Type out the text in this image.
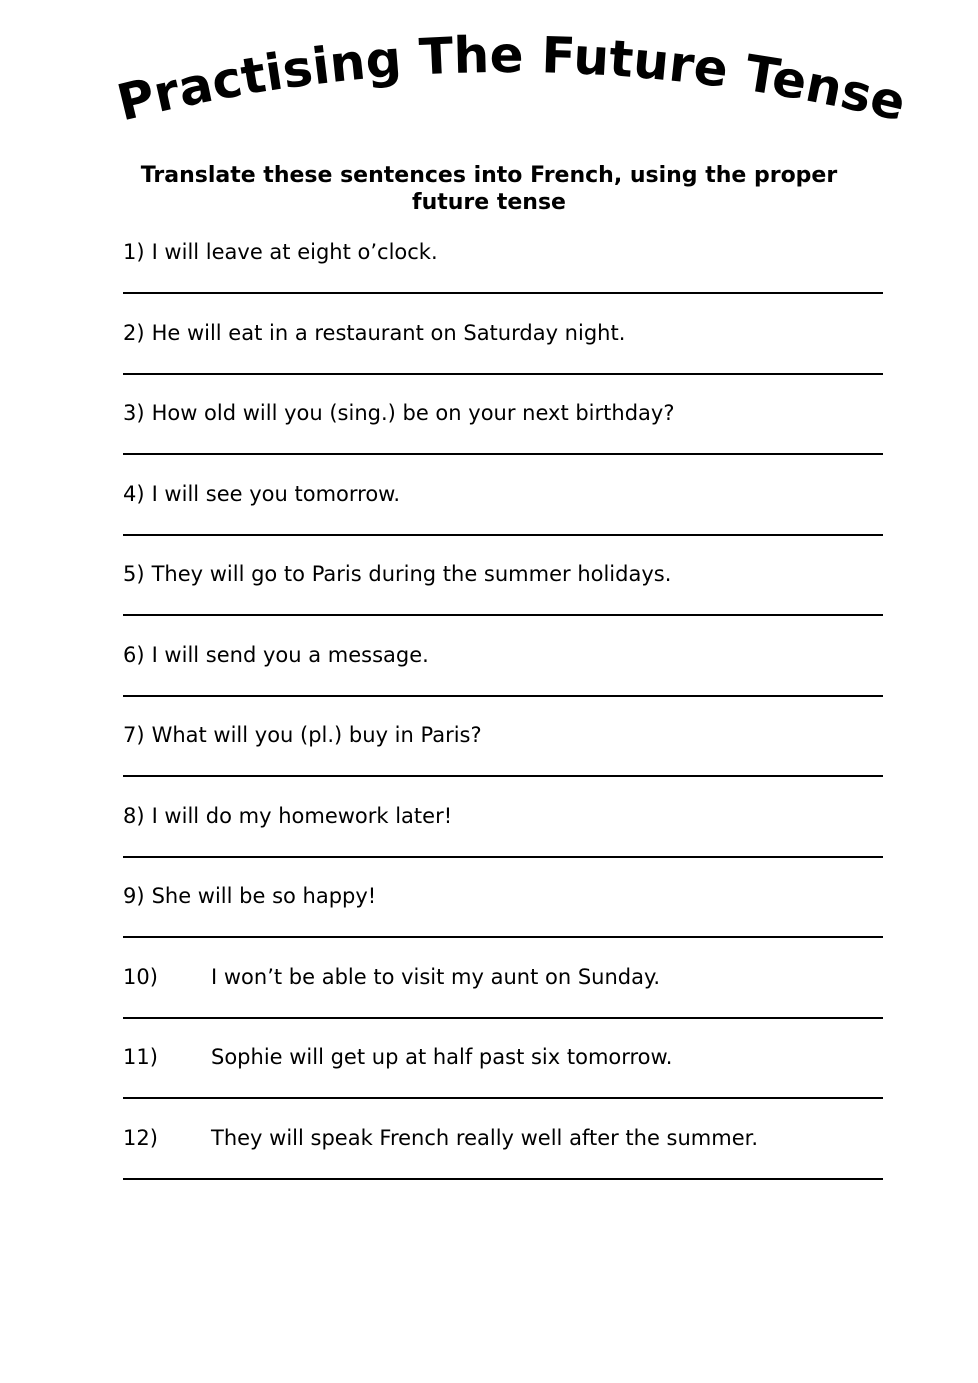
Practising The Future Tense
Translate these sentences into French, using the proper future tense
1) I will leave at eight o’clock.
2) He will eat in a restaurant on Saturday night.
3) How old will you (sing.) be on your next birthday?
4) I will see you tomorrow.
5) They will go to Paris during the summer holidays.
6) I will send you a message.
7) What will you (pl.) buy in Paris?
8) I will do my homework later!
9) She will be so happy!
10)	I won’t be able to visit my aunt on Sunday.
11)	Sophie will get up at half past six tomorrow.
12)	They will speak French really well after the summer.
